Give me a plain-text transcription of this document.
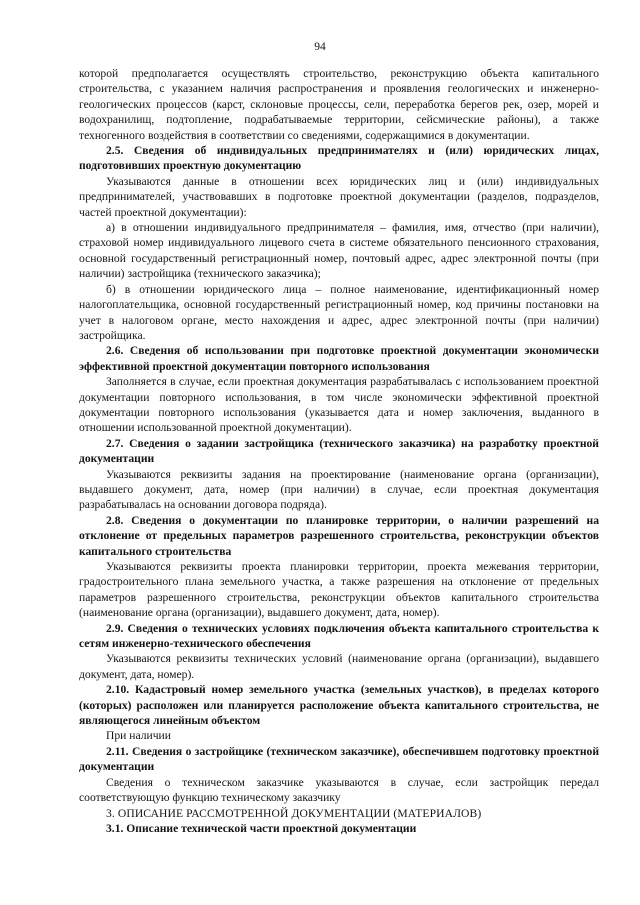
94

которой предполагается осуществлять строительство, реконструкцию объекта капитального строительства, с указанием наличия распространения и проявления геологических и инженерно-геологических процессов (карст, склоновые процессы, сели, переработка берегов рек, озер, морей и водохранилищ, подтопление, подрабатываемые территории, сейсмические районы), а также техногенного воздействия в соответствии со сведениями, содержащимися в документации.

2.5. Сведения об индивидуальных предпринимателях и (или) юридических лицах, подготовивших проектную документацию

Указываются данные в отношении всех юридических лиц и (или) индивидуальных предпринимателей, участвовавших в подготовке проектной документации (разделов, подразделов, частей проектной документации):

а) в отношении индивидуального предпринимателя – фамилия, имя, отчество (при наличии), страховой номер индивидуального лицевого счета в системе обязательного пенсионного страхования, основной государственный регистрационный номер, почтовый адрес, адрес электронной почты (при наличии) застройщика (технического заказчика);

б) в отношении юридического лица – полное наименование, идентификационный номер налогоплательщика, основной государственный регистрационный номер, код причины постановки на учет в налоговом органе, место нахождения и адрес, адрес электронной почты (при наличии) застройщика.

2.6. Сведения об использовании при подготовке проектной документации экономически эффективной проектной документации повторного использования

Заполняется в случае, если проектная документация разрабатывалась с использованием проектной документации повторного использования, в том числе экономически эффективной проектной документации повторного использования (указывается дата и номер заключения, выданного в отношении использованной проектной документации).

2.7. Сведения о задании застройщика (технического заказчика) на разработку проектной документации

Указываются реквизиты задания на проектирование (наименование органа (организации), выдавшего документ, дата, номер (при наличии) в случае, если проектная документация разрабатывалась на основании договора подряда).

2.8. Сведения о документации по планировке территории, о наличии разрешений на отклонение от предельных параметров разрешенного строительства, реконструкции объектов капитального строительства

Указываются реквизиты проекта планировки территории, проекта межевания территории, градостроительного плана земельного участка, а также разрешения на отклонение от предельных параметров разрешенного строительства, реконструкции объектов капитального строительства (наименование органа (организации), выдавшего документ, дата, номер).

2.9. Сведения о технических условиях подключения объекта капитального строительства к сетям инженерно-технического обеспечения

Указываются реквизиты технических условий (наименование органа (организации), выдавшего документ, дата, номер).

2.10. Кадастровый номер земельного участка (земельных участков), в пределах которого (которых) расположен или планируется расположение объекта капитального строительства, не являющегося линейным объектом

При наличии

2.11. Сведения о застройщике (техническом заказчике), обеспечившем подготовку проектной документации

Сведения о техническом заказчике указываются в случае, если застройщик передал соответствующую функцию техническому заказчику

3. ОПИСАНИЕ РАССМОТРЕННОЙ ДОКУМЕНТАЦИИ (МАТЕРИАЛОВ)

3.1. Описание технической части проектной документации
